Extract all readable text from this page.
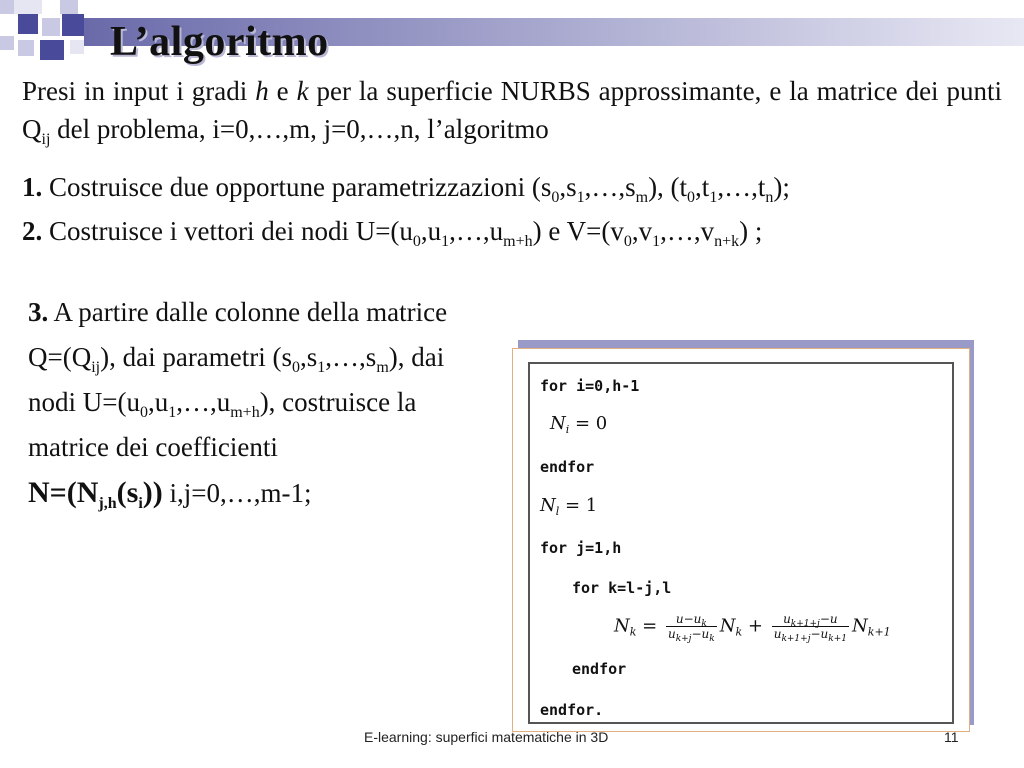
L’algoritmo
Presi in input i gradi h e k per la superficie NURBS approssimante, e la matrice dei punti $Q_{ij}$ del problema, i=0,…,m, j=0,…,n, l’algoritmo
1. Costruisce due opportune parametrizzazioni $(s_0,s_1,\dots,s_m)$, $(t_0,t_1,\dots,t_n)$;
2. Costruisce i vettori dei nodi $U=(u_0,u_1,\dots,u_{m+h})$ e $V=(v_0,v_1,\dots,v_{n+k})$ ;
3. A partire dalle colonne della matrice $Q=(Q_{ij})$, dai parametri $(s_0,s_1,\dots,s_m)$, dai nodi $U=(u_0,u_1,\dots,u_{m+h})$, costruisce la matrice dei coefficienti
$N=(N_{j,h}(s_i))$ i,j=0,…,m-1;
for i=0,h-1
$N_i = 0$
endfor
$N_l = 1$
for j=1,h
for k=l-j,l
$N_k = \frac{u-u_k}{u_{k+j}-u_k} N_k + \frac{u_{k+1+j}-u}{u_{k+1+j}-u_{k+1}} N_{k+1}$
endfor
endfor.
E-learning: superfici matematiche in 3D	11
